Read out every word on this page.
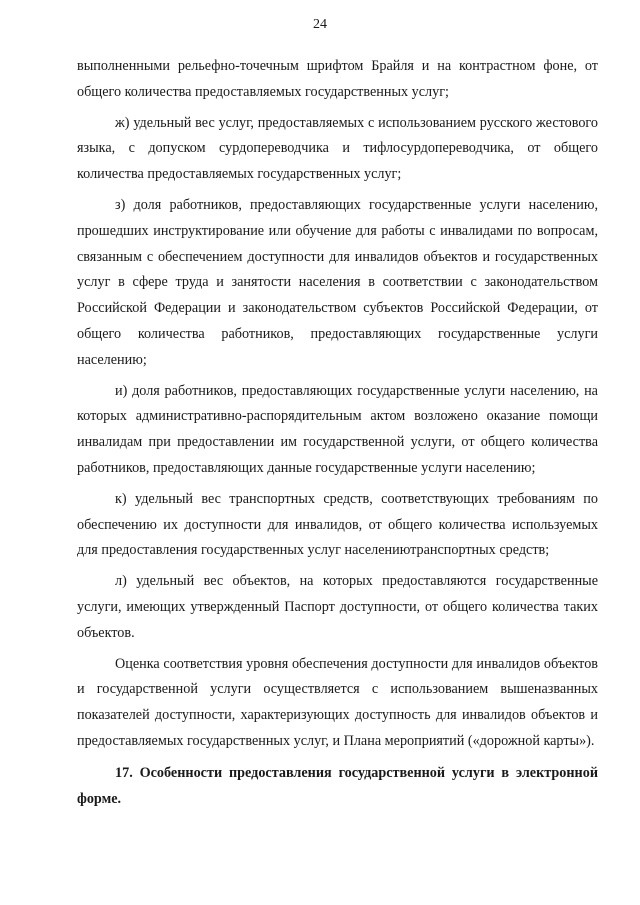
24

выполненными рельефно-точечным шрифтом Брайля и на контрастном фоне, от общего количества предоставляемых государственных услуг;

ж) удельный вес услуг, предоставляемых с использованием русского жестового языка, с допуском сурдопереводчика и тифлосурдопереводчика, от общего количества предоставляемых государственных услуг;

з) доля работников, предоставляющих государственные услуги населению, прошедших инструктирование или обучение для работы с инвалидами по вопросам, связанным с обеспечением доступности для инвалидов объектов и государственных услуг в сфере труда и занятости населения в соответствии с законодательством Российской Федерации и законодательством субъектов Российской Федерации, от общего количества работников, предоставляющих государственные услуги населению;

и) доля работников, предоставляющих государственные услуги населению, на которых административно-распорядительным актом возложено оказание помощи инвалидам при предоставлении им государственной услуги, от общего количества работников, предоставляющих данные государственные услуги населению;

к) удельный вес транспортных средств, соответствующих требованиям по обеспечению их доступности для инвалидов, от общего количества используемых для предоставления государственных услуг населениютранспортных средств;

л) удельный вес объектов, на которых предоставляются государственные услуги, имеющих утвержденный Паспорт доступности, от общего количества таких объектов.

Оценка соответствия уровня обеспечения доступности для инвалидов объектов и государственной услуги осуществляется с использованием вышеназванных показателей доступности, характеризующих доступность для инвалидов объектов и предоставляемых государственных услуг, и Плана мероприятий («дорожной карты»).

17. Особенности предоставления государственной услуги в электронной форме.
